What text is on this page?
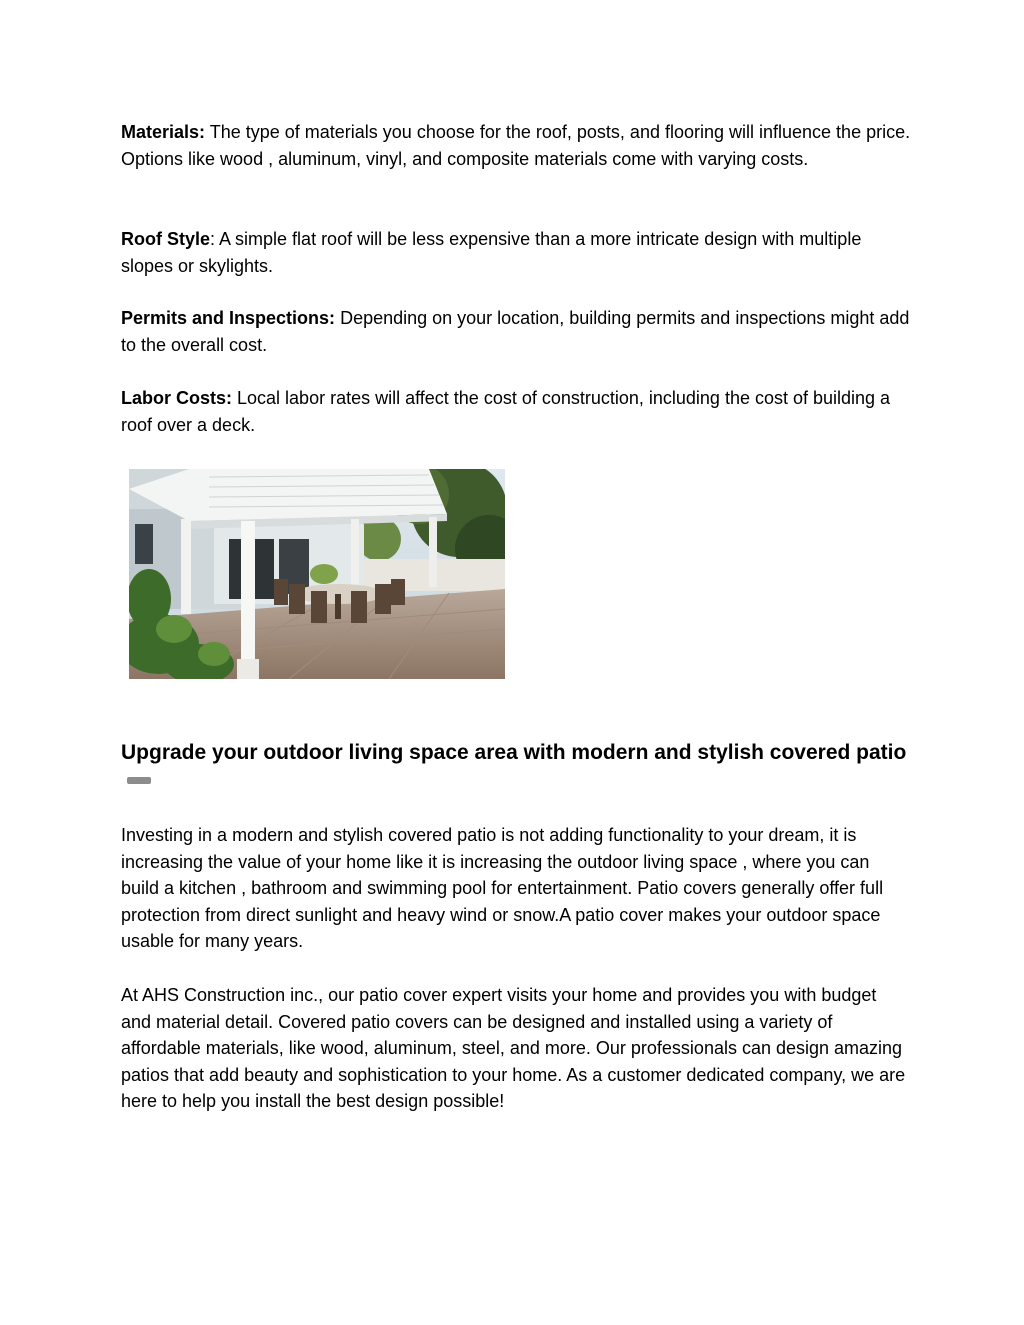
Materials: The type of materials you choose for the roof, posts, and flooring will influence the price. Options like wood , aluminum, vinyl, and composite materials come with varying costs.

Roof Style: A simple flat roof will be less expensive than a more intricate design with multiple slopes or skylights.

Permits and Inspections: Depending on your location, building permits and inspections might add to the overall cost.

Labor Costs: Local labor rates will affect the cost of construction, including the cost of building a roof over a deck.

Upgrade your outdoor living space area with modern and stylish covered patio

Investing in a modern and stylish covered patio is not adding functionality to your dream, it is increasing the value of your home like it is increasing the outdoor living space , where you can build a kitchen , bathroom and swimming pool for entertainment. Patio covers generally offer full protection from direct sunlight and heavy wind or snow.A patio cover makes your outdoor space usable for many years.

At AHS Construction inc., our patio cover expert visits your home and provides you with budget and material detail. Covered patio covers can be designed and installed using a variety of affordable materials, like wood, aluminum, steel, and more. Our professionals can design amazing patios that add beauty and sophistication to your home. As a customer dedicated company, we are here to help you install the best design possible!
